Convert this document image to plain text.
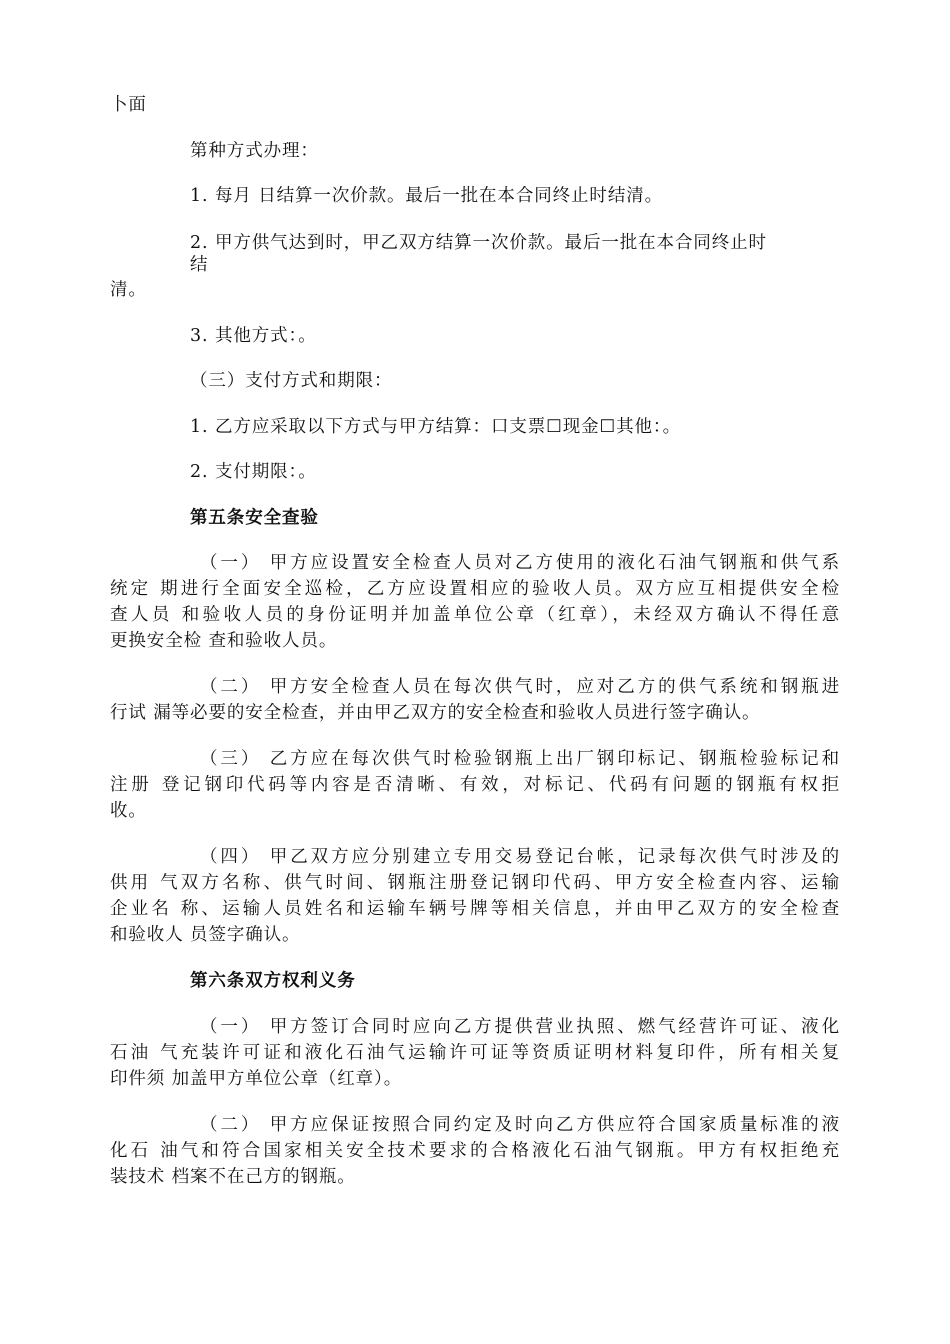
卜面
第种方式办理：
1. 每月 日结算一次价款。最后一批在本合同终止时结清。
2. 甲方供气达到时，甲乙双方结算一次价款。最后一批在本合同终止时
结
清。
3. 其他方式：。
（三）支付方式和期限：
1. 乙方应采取以下方式与甲方结算：口支票☐现金☐其他：。
2. 支付期限：。
第五条安全查验
（一） 甲方应设置安全检查人员对乙方使用的液化石油气钢瓶和供气系
统定 期进行全面安全巡检，乙方应设置相应的验收人员。双方应互相提供安全检
查人员 和验收人员的身份证明并加盖单位公章（红章），未经双方确认不得任意
更换安全检 查和验收人员。
（二） 甲方安全检查人员在每次供气时，应对乙方的供气系统和钢瓶进
行试 漏等必要的安全检查，并由甲乙双方的安全检查和验收人员进行签字确认。
（三） 乙方应在每次供气时检验钢瓶上出厂钢印标记、钢瓶检验标记和
注册 登记钢印代码等内容是否清晰、有效，对标记、代码有问题的钢瓶有权拒
收。
（四） 甲乙双方应分别建立专用交易登记台帐，记录每次供气时涉及的
供用 气双方名称、供气时间、钢瓶注册登记钢印代码、甲方安全检查内容、运输
企业名 称、运输人员姓名和运输车辆号牌等相关信息，并由甲乙双方的安全检查
和验收人 员签字确认。
第六条双方权利义务
（一） 甲方签订合同时应向乙方提供营业执照、燃气经营许可证、液化
石油 气充装许可证和液化石油气运输许可证等资质证明材料复印件，所有相关复
印件须 加盖甲方单位公章（红章）。
（二） 甲方应保证按照合同约定及时向乙方供应符合国家质量标准的液
化石 油气和符合国家相关安全技术要求的合格液化石油气钢瓶。甲方有权拒绝充
装技术 档案不在己方的钢瓶。
